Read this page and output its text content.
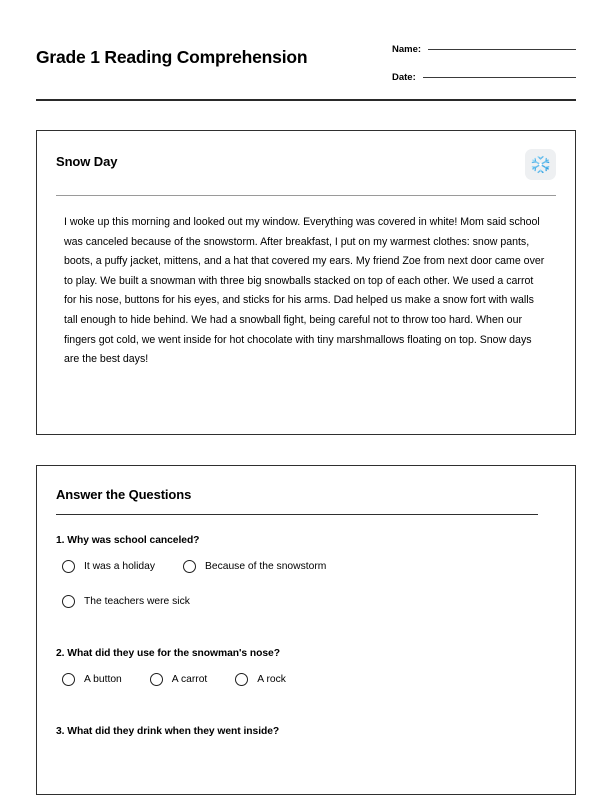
Grade 1 Reading Comprehension	Name:
Date:
Snow Day

I woke up this morning and looked out my window. Everything was covered in white! Mom said school was canceled because of the snowstorm. After breakfast, I put on my warmest clothes: snow pants, boots, a puffy jacket, mittens, and a hat that covered my ears. My friend Zoe from next door came over to play. We built a snowman with three big snowballs stacked on top of each other. We used a carrot for his nose, buttons for his eyes, and sticks for his arms. Dad helped us make a snow fort with walls tall enough to hide behind. We had a snowball fight, being careful not to throw too hard. When our fingers got cold, we went inside for hot chocolate with tiny marshmallows floating on top. Snow days are the best days!

Answer the Questions

1. Why was school canceled?

It was a holiday	Because of the snowstorm
The teachers were sick

2. What did they use for the snowman's nose?

A button	A carrot	A rock

3. What did they drink when they went inside?
